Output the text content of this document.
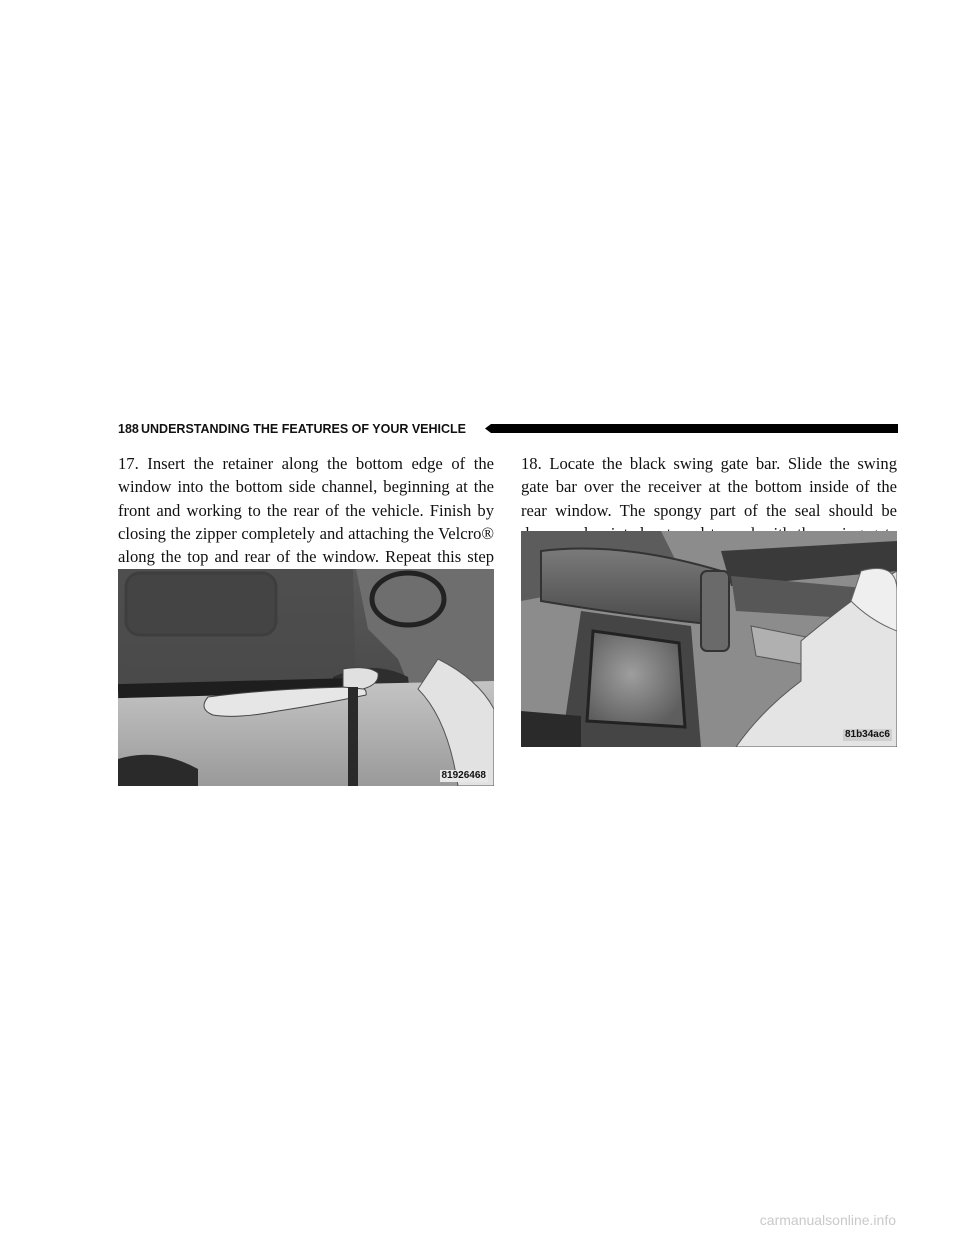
188 UNDERSTANDING THE FEATURES OF YOUR VEHICLE

17. Insert the retainer along the bottom edge of the window into the bottom side channel, beginning at the front and working to the rear of the vehicle. Finish by closing the zipper completely and attaching the Velcro® along the top and rear of the window. Repeat this step

81926468

18. Locate the black swing gate bar. Slide the swing gate bar over the receiver at the bottom inside of the rear window. The spongy part of the seal should be

81b34ac6
carmanualsonline.info
